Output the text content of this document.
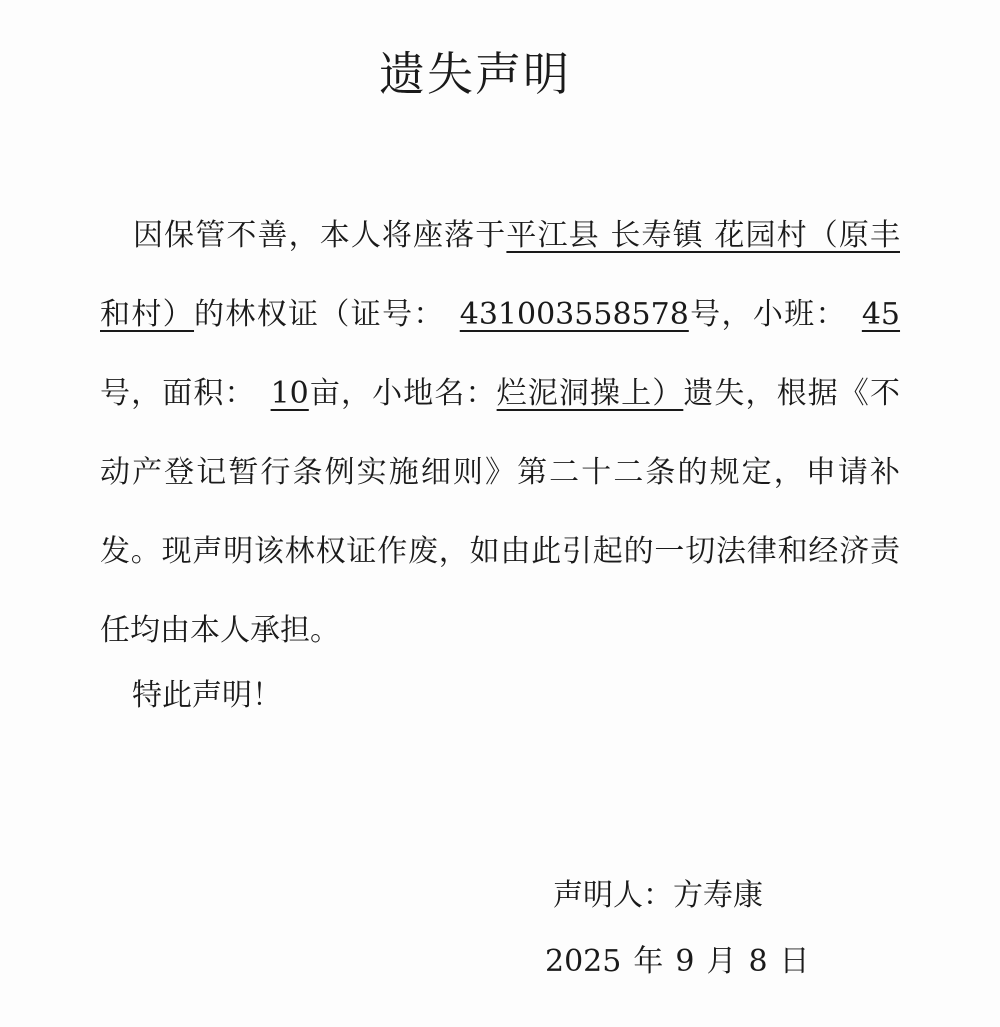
遗失声明

因保管不善，本人将座落于平江县 长寿镇 花园村（原丰和村）的林权证（证号：  431003558578号，小班：  45号，面积：  10亩，小地名：烂泥洞操上）遗失，根据《不动产登记暂行条例实施细则》第二十二条的规定，申请补发。现声明该林权证作废，如由此引起的一切法律和经济责任均由本人承担。

特此声明！
声明人：方寿康
2025 年 9 月 8 日
